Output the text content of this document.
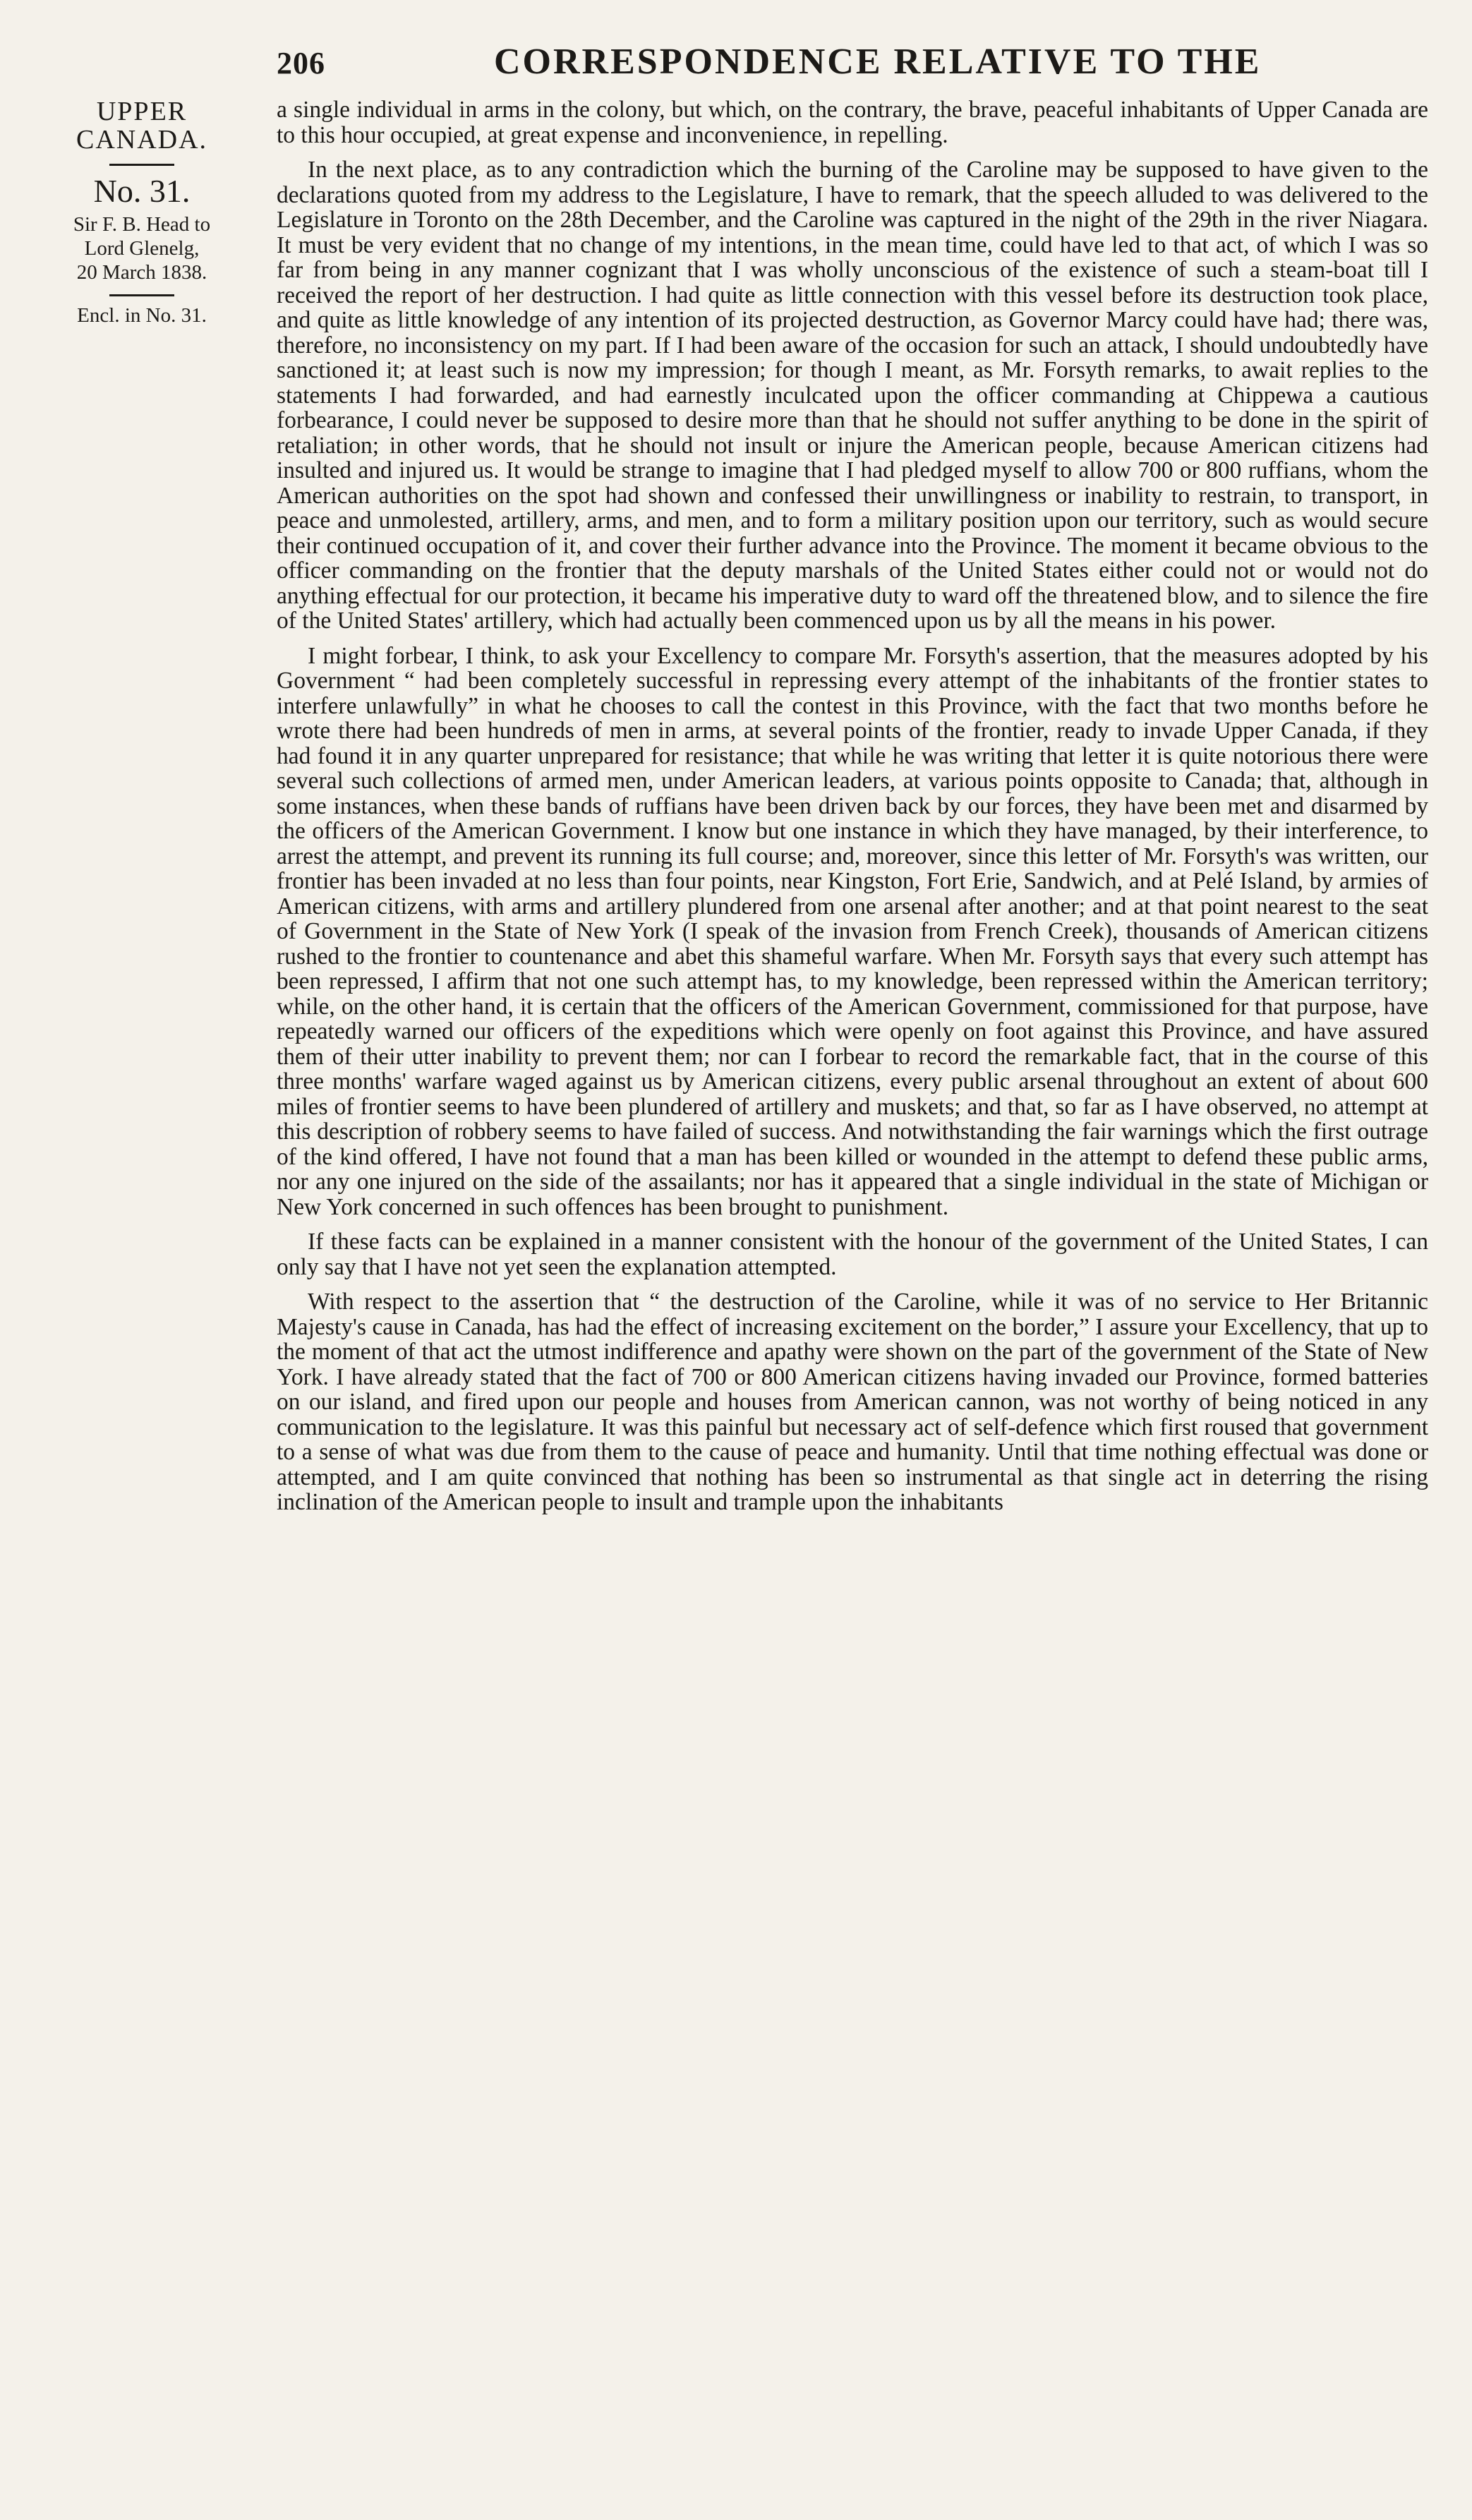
206	CORRESPONDENCE RELATIVE TO THE
UPPER
CANADA.
No. 31.
Sir F. B. Head to
Lord Glenelg,
20 March 1838.
Encl. in No. 31.

a single individual in arms in the colony, but which, on the contrary, the brave, peaceful inhabitants of Upper Canada are to this hour occupied, at great expense and inconvenience, in repelling.

In the next place, as to any contradiction which the burning of the Caroline may be supposed to have given to the declarations quoted from my address to the Legislature, I have to remark, that the speech alluded to was delivered to the Legislature in Toronto on the 28th December, and the Caroline was captured in the night of the 29th in the river Niagara. It must be very evident that no change of my intentions, in the mean time, could have led to that act, of which I was so far from being in any manner cognizant that I was wholly unconscious of the existence of such a steam-boat till I received the report of her destruction. I had quite as little connection with this vessel before its destruction took place, and quite as little knowledge of any intention of its projected destruction, as Governor Marcy could have had; there was, therefore, no inconsistency on my part. If I had been aware of the occasion for such an attack, I should undoubtedly have sanctioned it; at least such is now my impression; for though I meant, as Mr. Forsyth remarks, to await replies to the statements I had forwarded, and had earnestly inculcated upon the officer commanding at Chippewa a cautious forbearance, I could never be supposed to desire more than that he should not suffer anything to be done in the spirit of retaliation; in other words, that he should not insult or injure the American people, because American citizens had insulted and injured us. It would be strange to imagine that I had pledged myself to allow 700 or 800 ruffians, whom the American authorities on the spot had shown and confessed their unwillingness or inability to restrain, to transport, in peace and unmolested, artillery, arms, and men, and to form a military position upon our territory, such as would secure their continued occupation of it, and cover their further advance into the Province. The moment it became obvious to the officer commanding on the frontier that the deputy marshals of the United States either could not or would not do anything effectual for our protection, it became his imperative duty to ward off the threatened blow, and to silence the fire of the United States' artillery, which had actually been commenced upon us by all the means in his power.

I might forbear, I think, to ask your Excellency to compare Mr. Forsyth's assertion, that the measures adopted by his Government “ had been completely successful in repressing every attempt of the inhabitants of the frontier states to interfere unlawfully” in what he chooses to call the contest in this Province, with the fact that two months before he wrote there had been hundreds of men in arms, at several points of the frontier, ready to invade Upper Canada, if they had found it in any quarter unprepared for resistance; that while he was writing that letter it is quite notorious there were several such collections of armed men, under American leaders, at various points opposite to Canada; that, although in some instances, when these bands of ruffians have been driven back by our forces, they have been met and disarmed by the officers of the American Government. I know but one instance in which they have managed, by their interference, to arrest the attempt, and prevent its running its full course; and, moreover, since this letter of Mr. Forsyth's was written, our frontier has been invaded at no less than four points, near Kingston, Fort Erie, Sandwich, and at Pelé Island, by armies of American citizens, with arms and artillery plundered from one arsenal after another; and at that point nearest to the seat of Government in the State of New York (I speak of the invasion from French Creek), thousands of American citizens rushed to the frontier to countenance and abet this shameful warfare. When Mr. Forsyth says that every such attempt has been repressed, I affirm that not one such attempt has, to my knowledge, been repressed within the American territory; while, on the other hand, it is certain that the officers of the American Government, commissioned for that purpose, have repeatedly warned our officers of the expeditions which were openly on foot against this Province, and have assured them of their utter inability to prevent them; nor can I forbear to record the remarkable fact, that in the course of this three months' warfare waged against us by American citizens, every public arsenal throughout an extent of about 600 miles of frontier seems to have been plundered of artillery and muskets; and that, so far as I have observed, no attempt at this description of robbery seems to have failed of success. And notwithstanding the fair warnings which the first outrage of the kind offered, I have not found that a man has been killed or wounded in the attempt to defend these public arms, nor any one injured on the side of the assailants; nor has it appeared that a single individual in the state of Michigan or New York concerned in such offences has been brought to punishment.

If these facts can be explained in a manner consistent with the honour of the government of the United States, I can only say that I have not yet seen the explanation attempted.

With respect to the assertion that “ the destruction of the Caroline, while it was of no service to Her Britannic Majesty's cause in Canada, has had the effect of increasing excitement on the border,” I assure your Excellency, that up to the moment of that act the utmost indifference and apathy were shown on the part of the government of the State of New York. I have already stated that the fact of 700 or 800 American citizens having invaded our Province, formed batteries on our island, and fired upon our people and houses from American cannon, was not worthy of being noticed in any communication to the legislature. It was this painful but necessary act of self-defence which first roused that government to a sense of what was due from them to the cause of peace and humanity. Until that time nothing effectual was done or attempted, and I am quite convinced that nothing has been so instrumental as that single act in deterring the rising inclination of the American people to insult and trample upon the inhabitants
